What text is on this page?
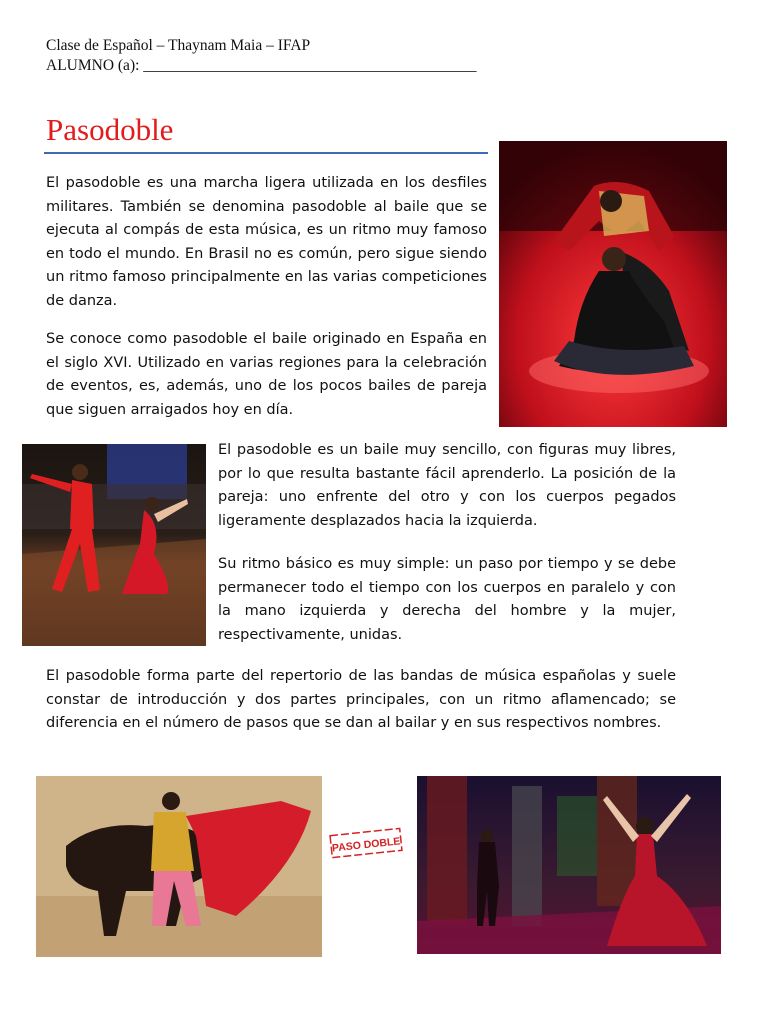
Clase de Español – Thaynam Maia – IFAP
ALUMNO (a): ___________________________________________
Pasodoble

El pasodoble es una marcha ligera utilizada en los desfiles militares. También se denomina pasodoble al baile que se ejecuta al compás de esta música, es un ritmo muy famoso en todo el mundo. En Brasil no es común, pero sigue siendo un ritmo famoso principalmente en las varias competiciones de danza.

Se conoce como pasodoble el baile originado en España en el siglo XVI. Utilizado en varias regiones para la celebración de eventos, es, además, uno de los pocos bailes de pareja que siguen arraigados hoy en día.

El pasodoble es un baile muy sencillo, con figuras muy libres, por lo que resulta bastante fácil aprenderlo. La posición de la pareja: uno enfrente del otro y con los cuerpos pegados ligeramente desplazados hacia la izquierda.

Su ritmo básico es muy simple: un paso por tiempo y se debe permanecer todo el tiempo con los cuerpos en paralelo y con la mano izquierda y derecha del hombre y la mujer, respectivamente, unidas.

El pasodoble forma parte del repertorio de las bandas de música españolas y suele constar de introducción y dos partes principales, con un ritmo aflamencado; se diferencia en el número de pasos que se dan al bailar y en sus respectivos nombres.

PASO DOBLE
